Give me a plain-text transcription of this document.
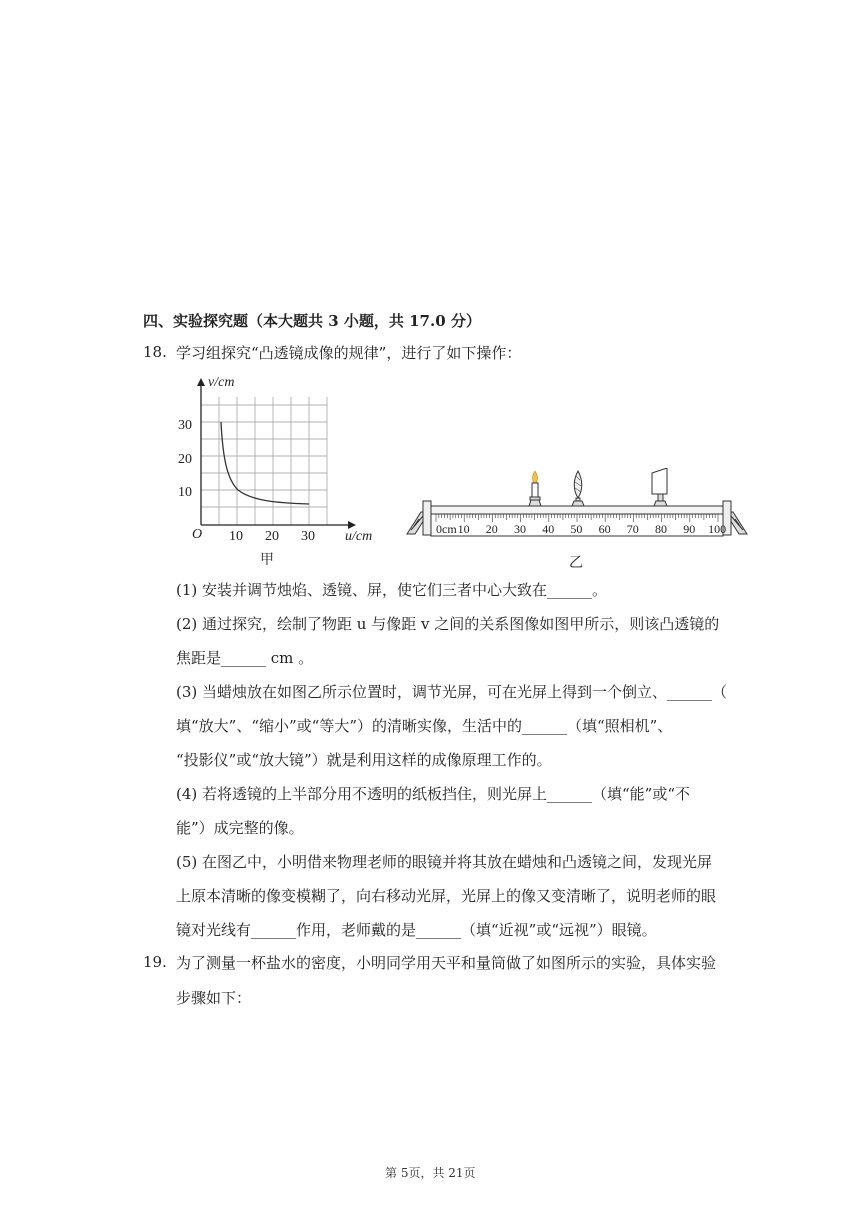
四、实验探究题（本大题共 3 小题，共 17.0 分）
18. 学习组探究“凸透镜成像的规律”，进行了如下操作：
v/cm
30
20
10
O 10 20 30 u/cm
甲
0cm 10 20 30 40 50 60 70 80 90 100
乙
(1) 安装并调节烛焰、透镜、屏，使它们三者中心大致在______。
(2) 通过探究，绘制了物距 u 与像距 v 之间的关系图像如图甲所示，则该凸透镜的
焦距是______ cm 。
(3) 当蜡烛放在如图乙所示位置时，调节光屏，可在光屏上得到一个倒立、______（
填“放大”、“缩小”或“等大”）的清晰实像，生活中的______（填“照相机”、
“投影仪”或“放大镜”）就是利用这样的成像原理工作的。
(4) 若将透镜的上半部分用不透明的纸板挡住，则光屏上______（填“能”或“不
能”）成完整的像。
(5) 在图乙中，小明借来物理老师的眼镜并将其放在蜡烛和凸透镜之间，发现光屏
上原本清晰的像变模糊了，向右移动光屏，光屏上的像又变清晰了，说明老师的眼
镜对光线有______作用，老师戴的是______（填“近视”或“远视”）眼镜。
19. 为了测量一杯盐水的密度，小明同学用天平和量筒做了如图所示的实验，具体实验
步骤如下：
第 5页，共 21页
